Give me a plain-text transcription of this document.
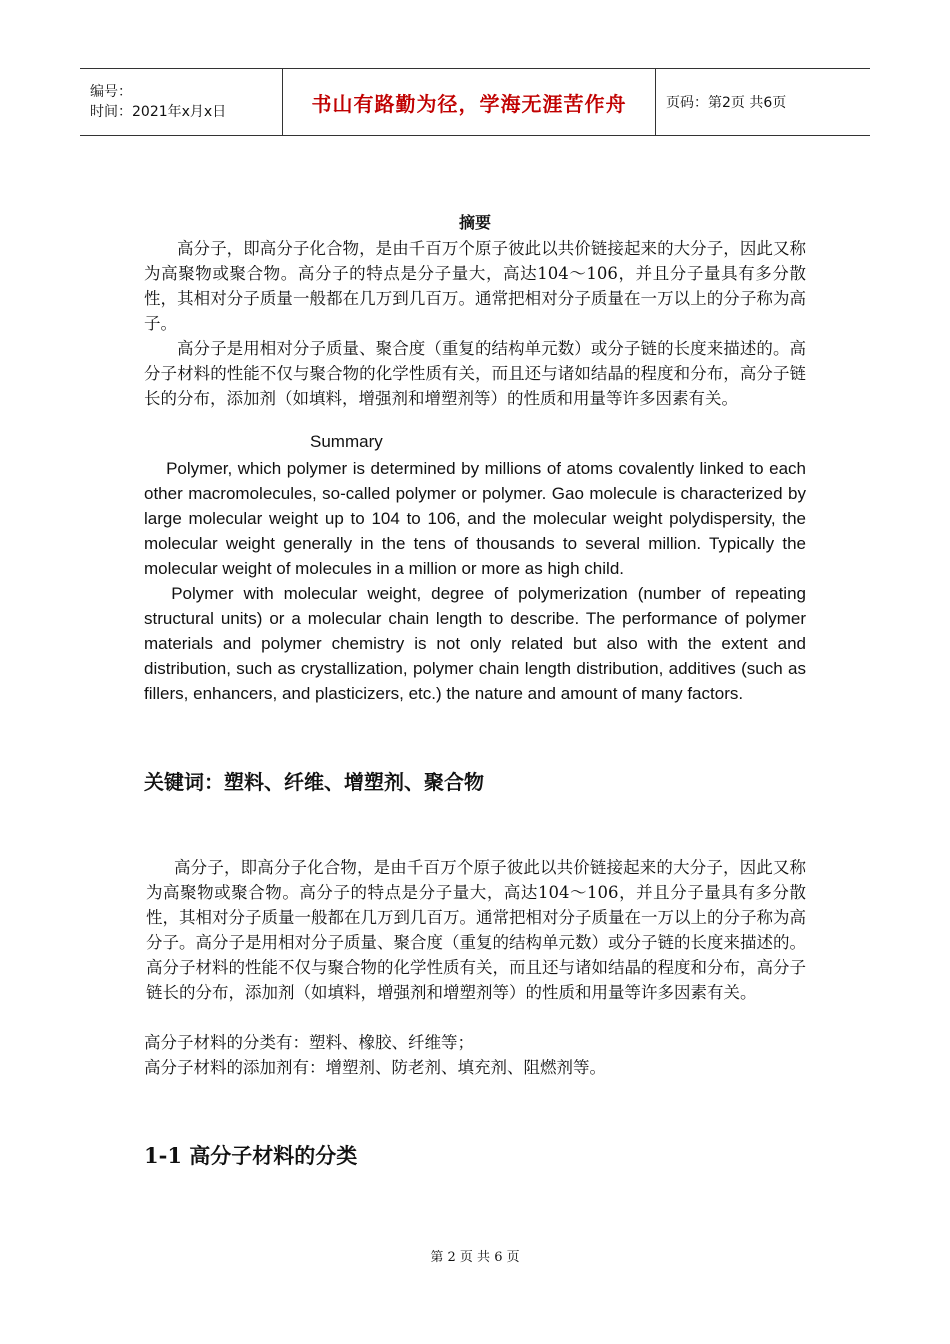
编号：
时间：2021年x月x日	书山有路勤为径，学海无涯苦作舟	页码：第2页 共6页
摘要

高分子，即高分子化合物，是由千百万个原子彼此以共价链接起来的大分子，因此又称为高聚物或聚合物。高分子的特点是分子量大，高达104～106，并且分子量具有多分散性，其相对分子质量一般都在几万到几百万。通常把相对分子质量在一万以上的分子称为高子。

高分子是用相对分子质量、聚合度（重复的结构单元数）或分子链的长度来描述的。高分子材料的性能不仅与聚合物的化学性质有关，而且还与诸如结晶的程度和分布，高分子链长的分布，添加剂（如填料，增强剂和增塑剂等）的性质和用量等许多因素有关。

Summary

Polymer, which polymer is determined by millions of atoms covalently linked to each other macromolecules, so-called polymer or polymer. Gao molecule is characterized by large molecular weight up to 104 to 106, and the molecular weight polydispersity, the molecular weight generally in the tens of thousands to several million. Typically the molecular weight of molecules in a million or more as high child.

Polymer with molecular weight, degree of polymerization (number of repeating structural units) or a molecular chain length to describe. The performance of polymer materials and polymer chemistry is not only related but also with the extent and distribution, such as crystallization, polymer chain length distribution, additives (such as fillers, enhancers, and plasticizers, etc.) the nature and amount of many factors.

关键词：塑料、纤维、增塑剂、聚合物

高分子，即高分子化合物，是由千百万个原子彼此以共价链接起来的大分子，因此又称为高聚物或聚合物。高分子的特点是分子量大，高达104～106，并且分子量具有多分散性，其相对分子质量一般都在几万到几百万。通常把相对分子质量在一万以上的分子称为高分子。高分子是用相对分子质量、聚合度（重复的结构单元数）或分子链的长度来描述的。高分子材料的性能不仅与聚合物的化学性质有关，而且还与诸如结晶的程度和分布，高分子链长的分布，添加剂（如填料，增强剂和增塑剂等）的性质和用量等许多因素有关。

高分子材料的分类有：塑料、橡胶、纤维等；

高分子材料的添加剂有：增塑剂、防老剂、填充剂、阻燃剂等。

1-1 高分子材料的分类
第 2 页 共 6 页
